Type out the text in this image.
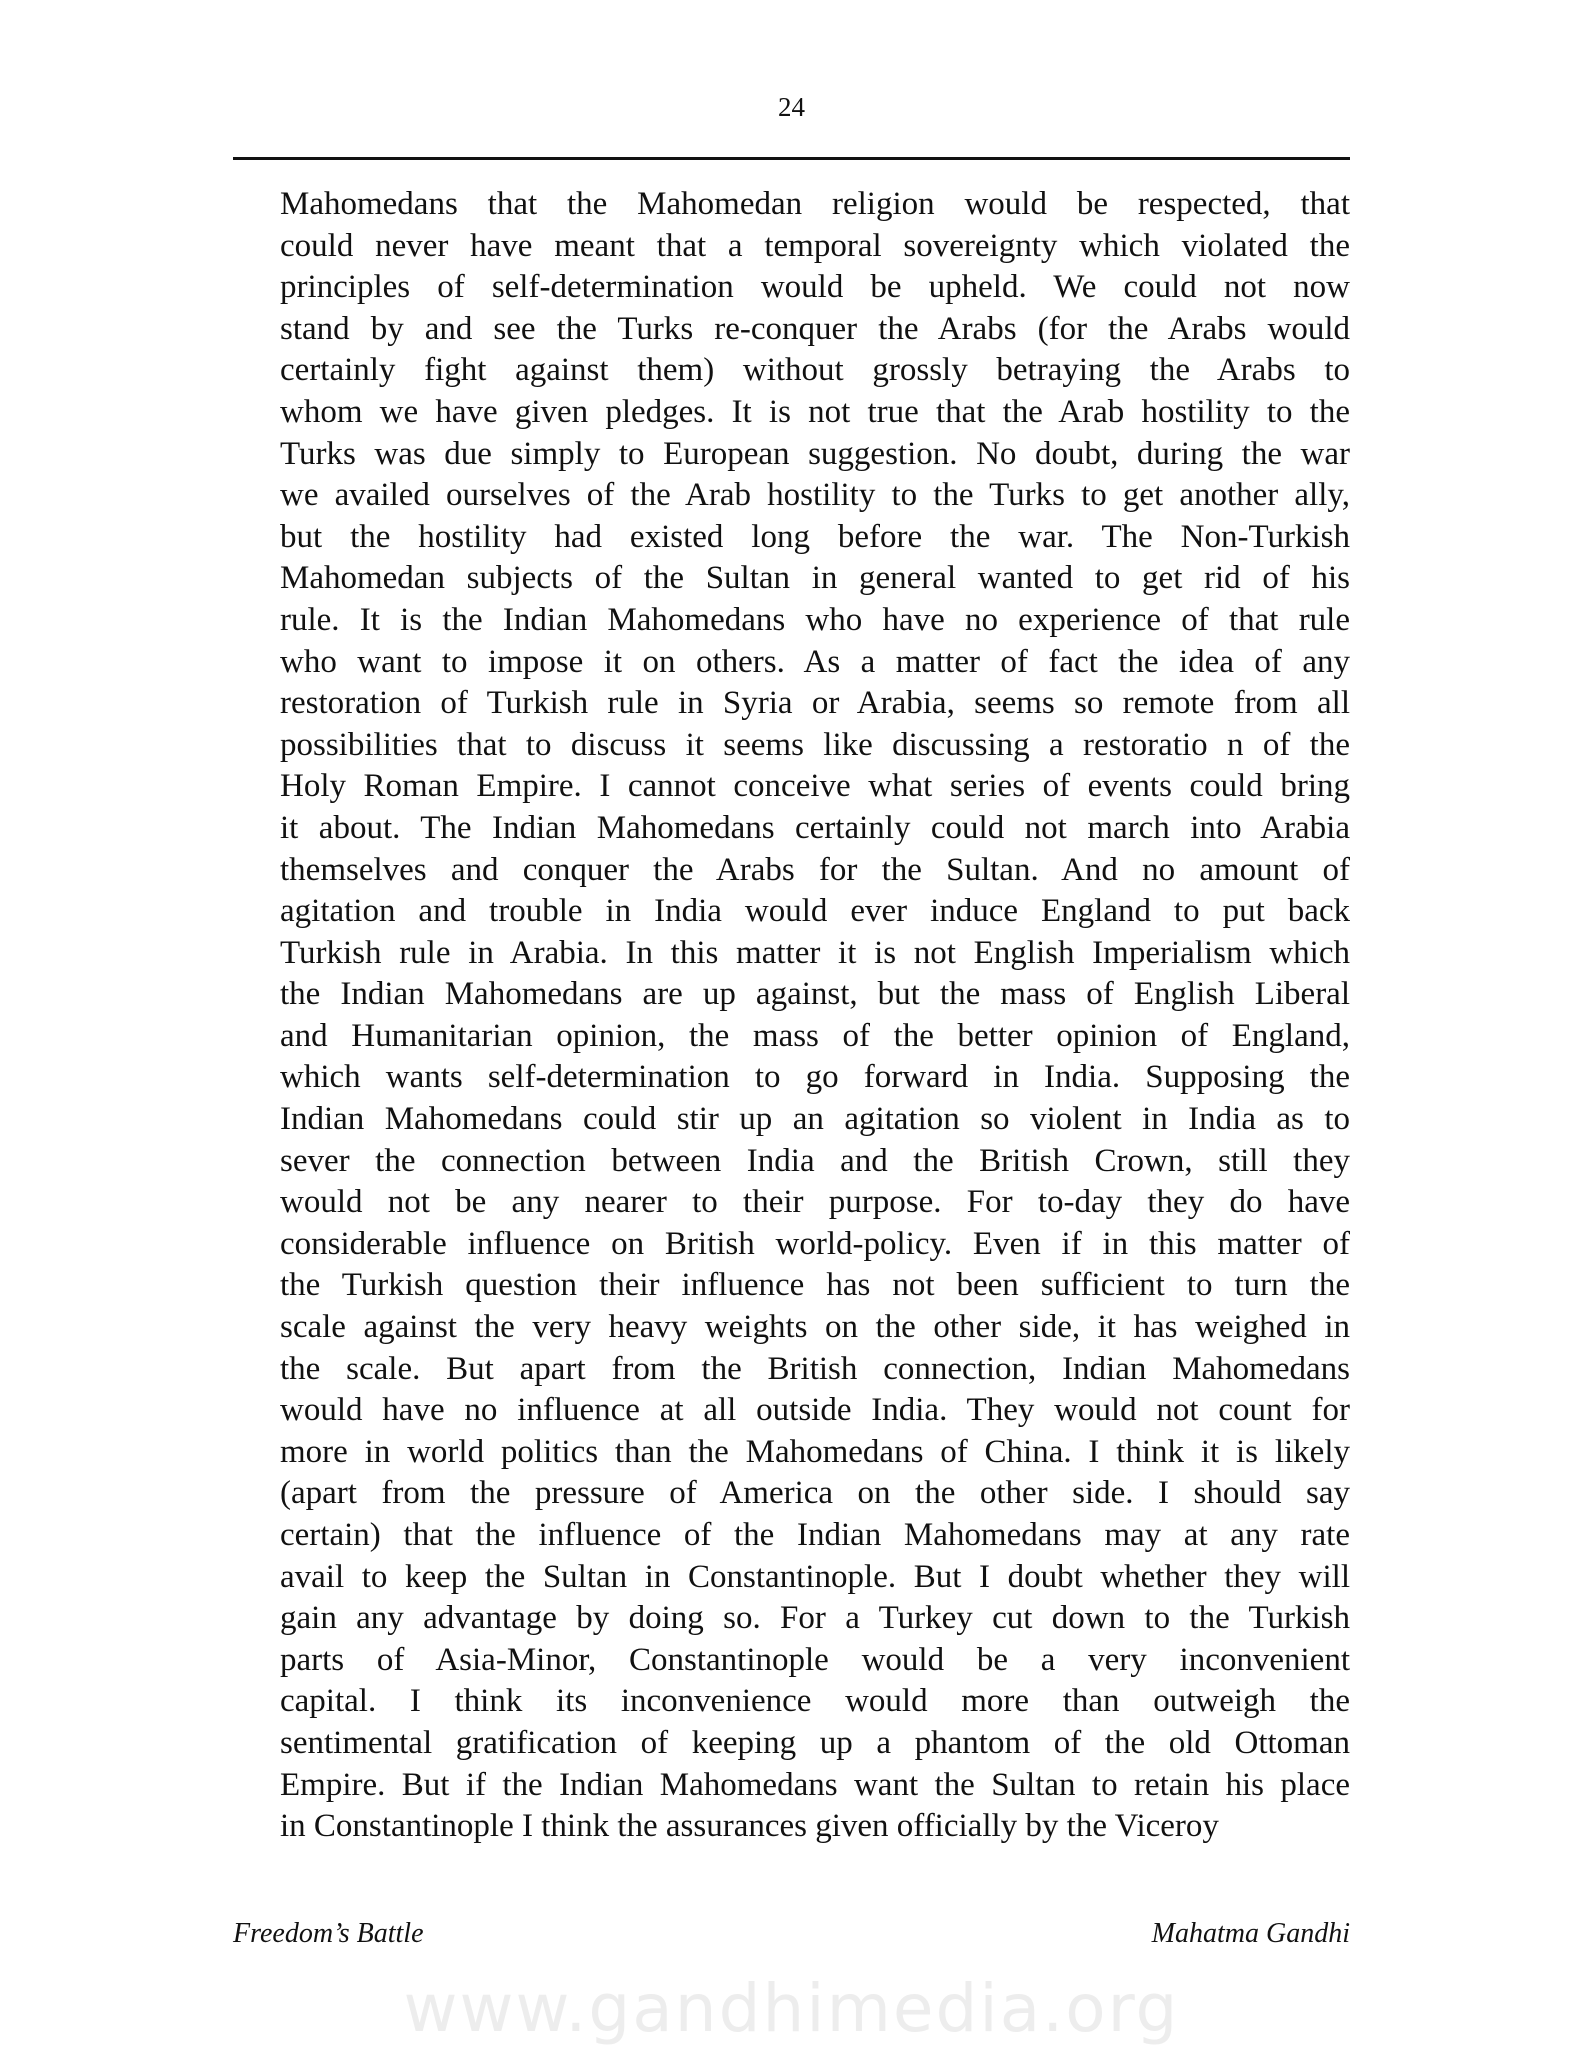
24
Mahomedans that the Mahomedan religion would be respected, that
could never have meant that a temporal sovereignty which violated the
principles of self-determination would be upheld. We could not now
stand by and see the Turks re-conquer the Arabs (for the Arabs would
certainly fight against them) without grossly betraying the Arabs to
whom we have given pledges. It is not true that the Arab hostility to the
Turks was due simply to European suggestion. No doubt, during the war
we availed ourselves of the Arab hostility to the Turks to get another ally,
but the hostility had existed long before the war. The Non-Turkish
Mahomedan subjects of the Sultan in general wanted to get rid of his
rule. It is the Indian Mahomedans who have no experience of that rule
who want to impose it on others. As a matter of fact the idea of any
restoration of Turkish rule in Syria or Arabia, seems so remote from all
possibilities that to discuss it seems like discussing a restoratio n of the
Holy Roman Empire. I cannot conceive what series of events could bring
it about. The Indian Mahomedans certainly could not march into Arabia
themselves and conquer the Arabs for the Sultan. And no amount of
agitation and trouble in India would ever induce England to put back
Turkish rule in Arabia. In this matter it is not English Imperialism which
the Indian Mahomedans are up against, but the mass of English Liberal
and Humanitarian opinion, the mass of the better opinion of England,
which wants self-determination to go forward in India. Supposing the
Indian Mahomedans could stir up an agitation so violent in India as to
sever the connection between India and the British Crown, still they
would not be any nearer to their purpose. For to-day they do have
considerable influence on British world-policy. Even if in this matter of
the Turkish question their influence has not been sufficient to turn the
scale against the very heavy weights on the other side, it has weighed in
the scale. But apart from the British connection, Indian Mahomedans
would have no influence at all outside India. They would not count for
more in world politics than the Mahomedans of China. I think it is likely
(apart from the pressure of America on the other side. I should say
certain) that the influence of the Indian Mahomedans may at any rate
avail to keep the Sultan in Constantinople. But I doubt whether they will
gain any advantage by doing so. For a Turkey cut down to the Turkish
parts of Asia-Minor, Constantinople would be a very inconvenient
capital. I think its inconvenience would more than outweigh the
sentimental gratification of keeping up a phantom of the old Ottoman
Empire. But if the Indian Mahomedans want the Sultan to retain his place
in Constantinople I think the assurances given officially by the Viceroy
Freedom’s Battle	Mahatma Gandhi
www.gandhimedia.org
